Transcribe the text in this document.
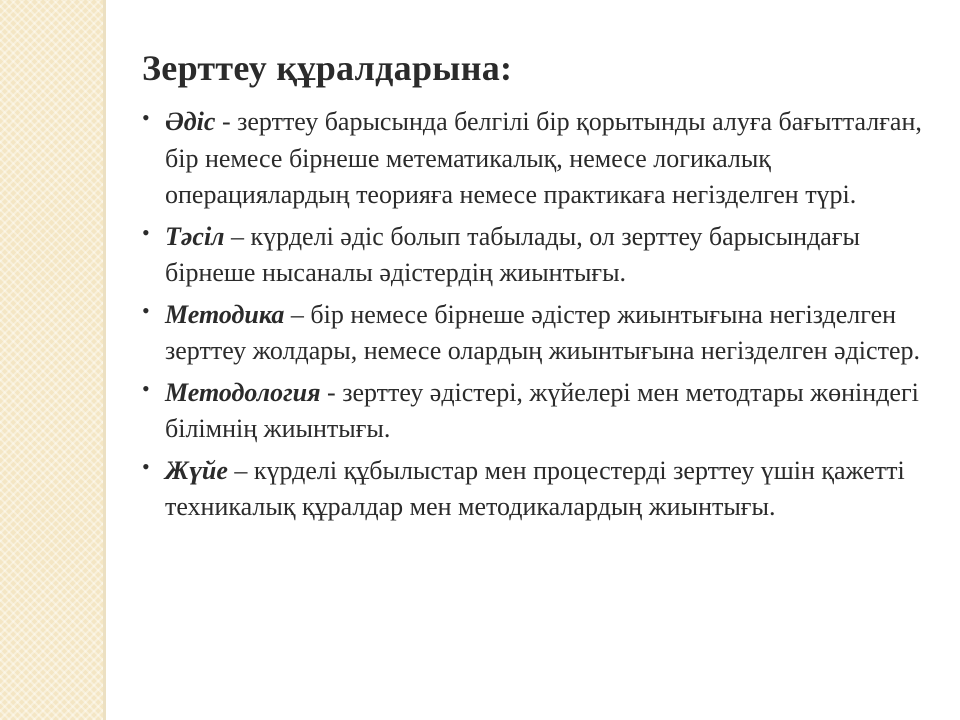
Зерттеу құралдарына:
• Әдіс - зерттеу барысында белгілі бір қорытынды алуға бағытталған, бір немесе бірнеше метематикалық, немесе логикалық операциялардың теорияға немесе практикаға негізделген түрі.
• Тәсіл – күрделі әдіс болып табылады, ол зерттеу барысындағы бірнеше нысаналы әдістердің жиынтығы.
• Методика – бір немесе бірнеше әдістер жиынтығына негізделген зерттеу жолдары, немесе олардың жиынтығына негізделген әдістер.
• Методология - зерттеу әдістері, жүйелері мен методтары жөніндегі білімнің жиынтығы.
• Жүйе – күрделі құбылыстар мен процестерді зерттеу үшін қажетті техникалық құралдар мен методикалардың жиынтығы.
